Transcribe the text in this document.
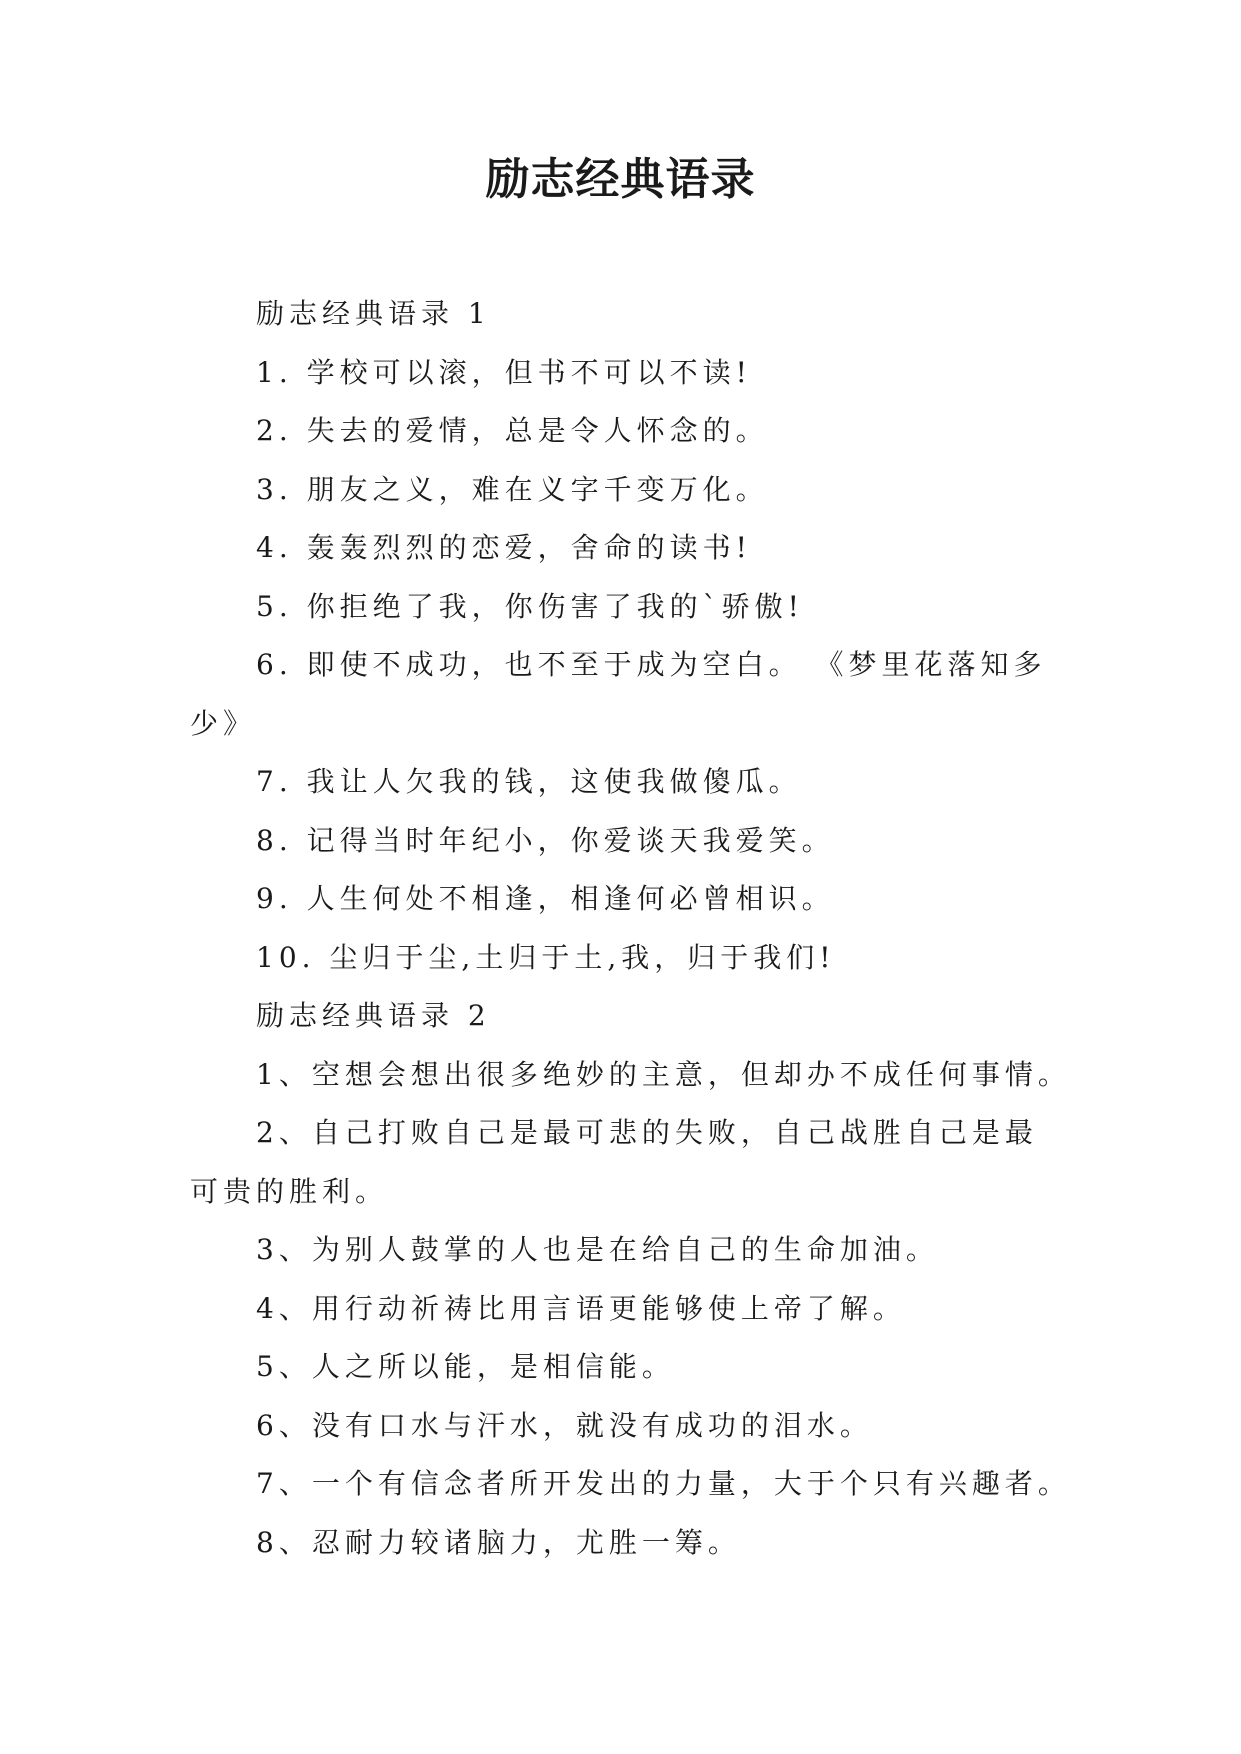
励志经典语录

励志经典语录 1

1. 学校可以滚，但书不可以不读!

2. 失去的爱情，总是令人怀念的。

3. 朋友之义，难在义字千变万化。

4. 轰轰烈烈的恋爱，舍命的读书!

5. 你拒绝了我，你伤害了我的`骄傲!

6. 即使不成功，也不至于成为空白。 《梦里花落知多

少》

7. 我让人欠我的钱，这使我做傻瓜。

8. 记得当时年纪小，你爱谈天我爱笑。

9. 人生何处不相逢，相逢何必曾相识。

10. 尘归于尘,土归于土,我，归于我们!

励志经典语录 2

1、空想会想出很多绝妙的主意，但却办不成任何事情。

2、自己打败自己是最可悲的失败，自己战胜自己是最

可贵的胜利。

3、为别人鼓掌的人也是在给自己的生命加油。

4、用行动祈祷比用言语更能够使上帝了解。

5、人之所以能，是相信能。

6、没有口水与汗水，就没有成功的泪水。

7、一个有信念者所开发出的力量，大于个只有兴趣者。

8、忍耐力较诸脑力，尤胜一筹。
